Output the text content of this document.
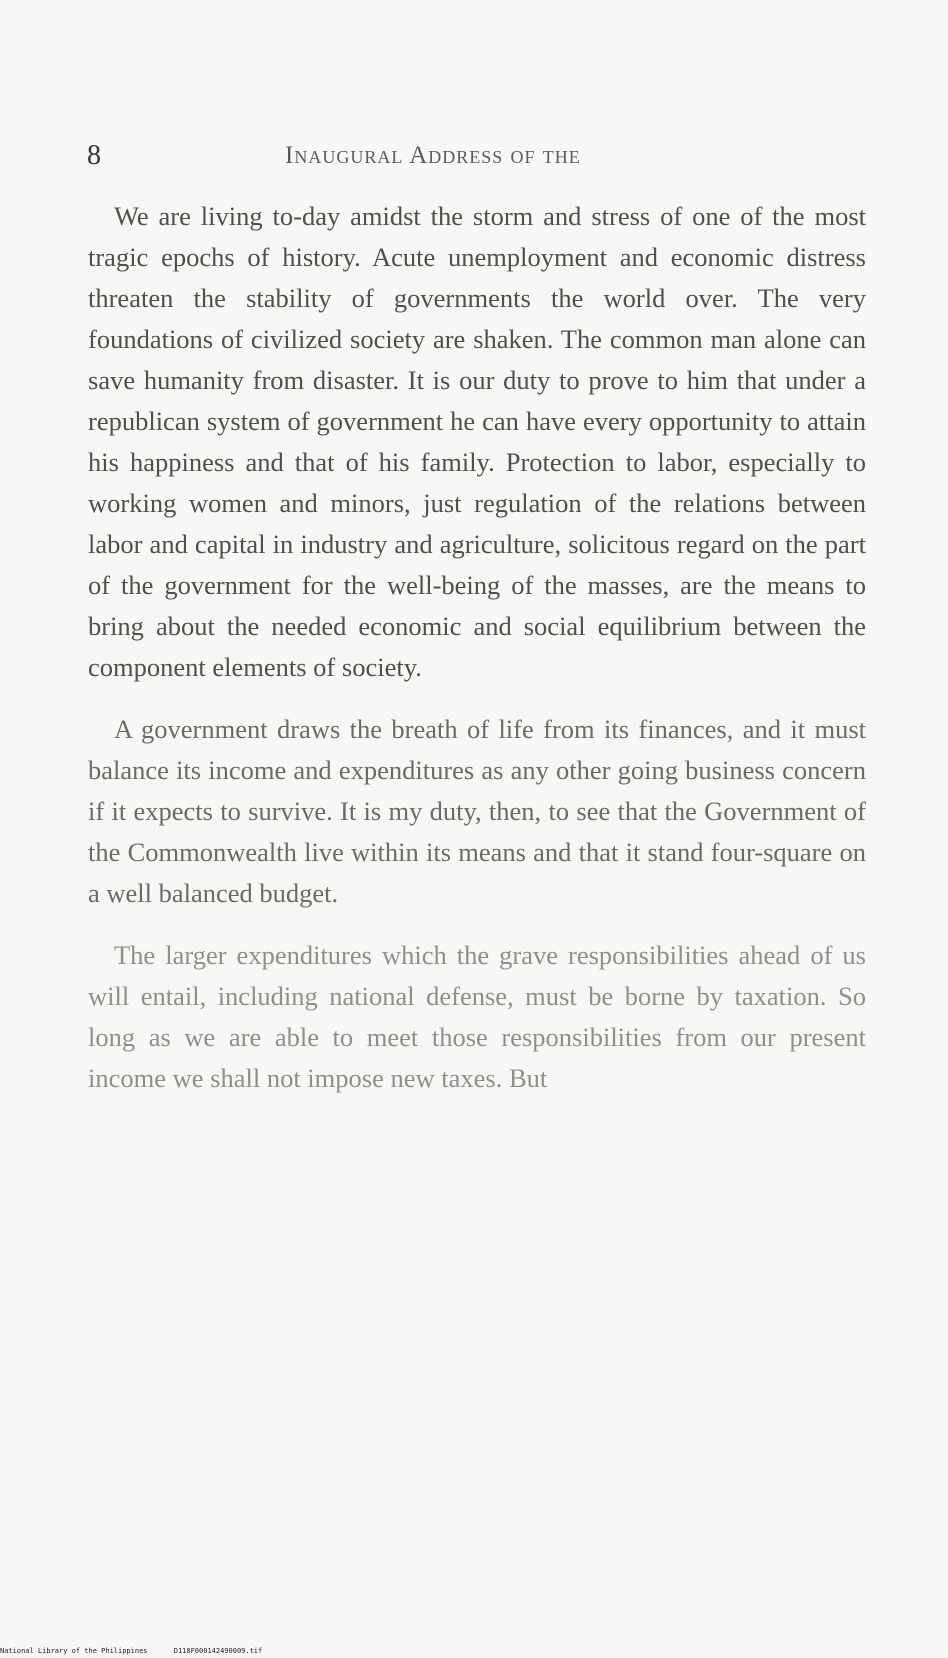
8	Inaugural Address of the

We are living to-day amidst the storm and stress of one of the most tragic epochs of history. Acute unemployment and economic distress threaten the stability of governments the world over. The very foundations of civilized society are shaken. The common man alone can save humanity from disaster. It is our duty to prove to him that under a republican system of government he can have every opportunity to attain his happiness and that of his family. Protection to labor, especially to working women and minors, just regulation of the relations between labor and capital in industry and agriculture, solicitous regard on the part of the government for the well-being of the masses, are the means to bring about the needed economic and social equilibrium between the component elements of society.

A government draws the breath of life from its finances, and it must balance its income and expenditures as any other going business concern if it expects to survive. It is my duty, then, to see that the Government of the Commonwealth live within its means and that it stand four-square on a well balanced budget.

The larger expenditures which the grave responsibilities ahead of us will entail, including national defense, must be borne by taxation. So long as we are able to meet those responsibilities from our present income we shall not impose new taxes. But

National Library of the Philippines	D118F000142490009.tif
